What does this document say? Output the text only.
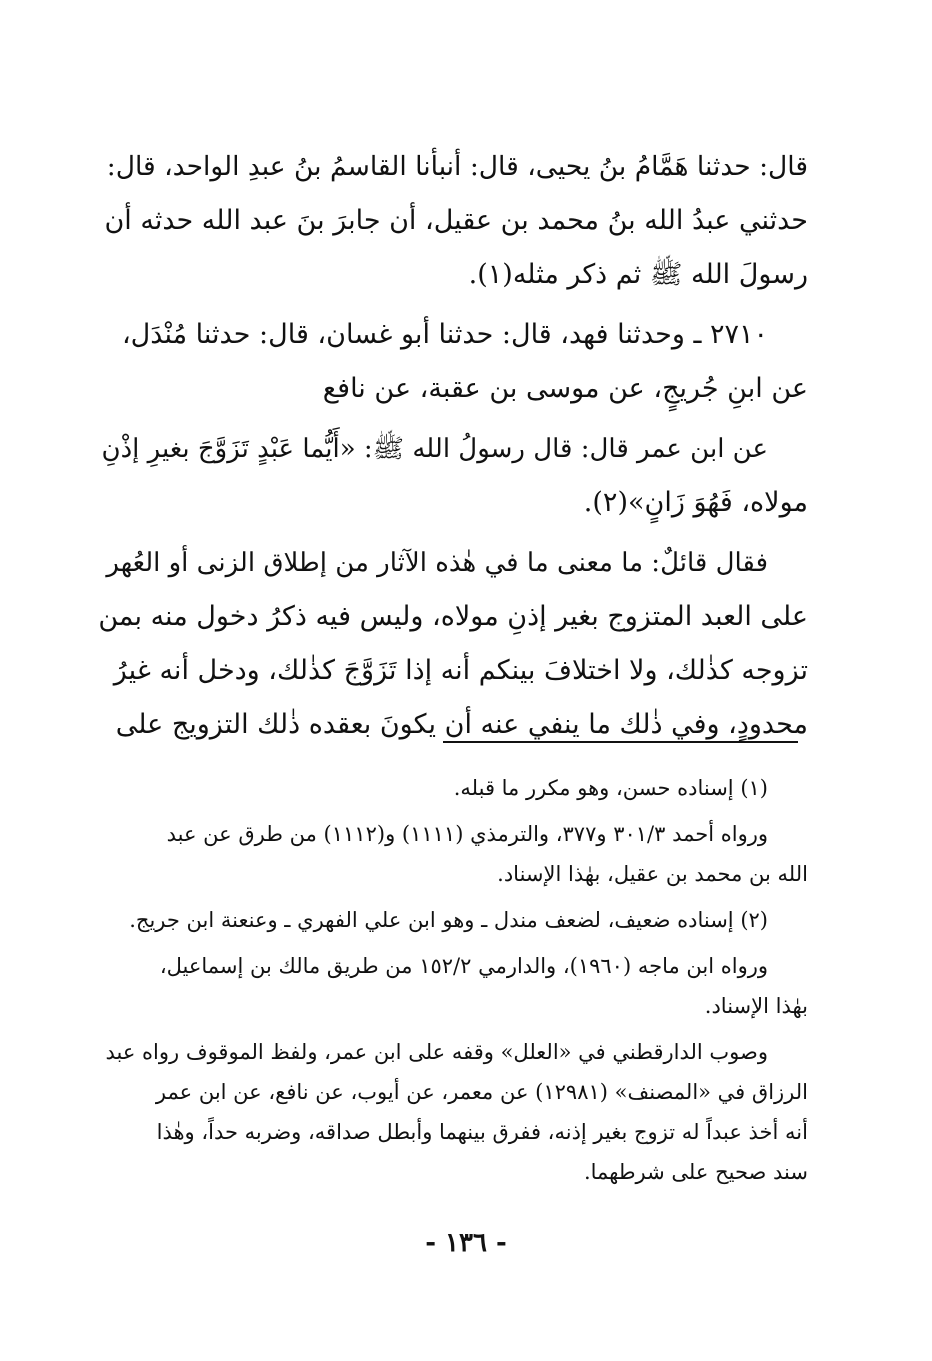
قال: حدثنا هَمَّامُ بنُ يحيى، قال: أنبأنا القاسمُ بنُ عبدِ الواحد، قال:
حدثني عبدُ الله بنُ محمد بن عقيل، أن جابرَ بنَ عبد الله حدثه أن
رسولَ الله ﷺ ثم ذكر مثله(١).

٢٧١٠ ـ وحدثنا فهد، قال: حدثنا أبو غسان، قال: حدثنا مُنْدَل،
عن ابنِ جُريجٍ، عن موسى بن عقبة، عن نافع

عن ابن عمر قال: قال رسولُ الله ﷺ: «أَيُّما عَبْدٍ تَزَوَّجَ بغيرِ إذْنِ
مولاه، فَهُوَ زَانٍ»(٢).

فقال قائلٌ: ما معنى ما في هٰذه الآثار من إطلاق الزنى أو العُهر
على العبد المتزوج بغير إذنِ مولاه، وليس فيه ذكرُ دخول منه بمن
تزوجه كذٰلك، ولا اختلافَ بينكم أنه إذا تَزَوَّجَ كذٰلك، ودخل أنه غيرُ
محدودٍ، وفي ذٰلك ما ينفي عنه أن يكونَ بعقده ذٰلك التزويج على

(١) إسناده حسن، وهو مكرر ما قبله.

ورواه أحمد ٣٠١/٣ و٣٧٧، والترمذي (١١١١) و(١١١٢) من طرق عن عبد
الله بن محمد بن عقيل، بهٰذا الإسناد.

(٢) إسناده ضعيف، لضعف مندل ـ وهو ابن علي الفهري ـ وعنعنة ابن جريج.

ورواه ابن ماجه (١٩٦٠)، والدارمي ١٥٢/٢ من طريق مالك بن إسماعيل،
بهٰذا الإسناد.

وصوب الدارقطني في «العلل» وقفه على ابن عمر، ولفظ الموقوف رواه عبد
الرزاق في «المصنف» (١٢٩٨١) عن معمر، عن أيوب، عن نافع، عن ابن عمر
أنه أخذ عبداً له تزوج بغير إذنه، ففرق بينهما وأبطل صداقه، وضربه حداً، وهٰذا
سند صحيح على شرطهما.

- ١٣٦ -
